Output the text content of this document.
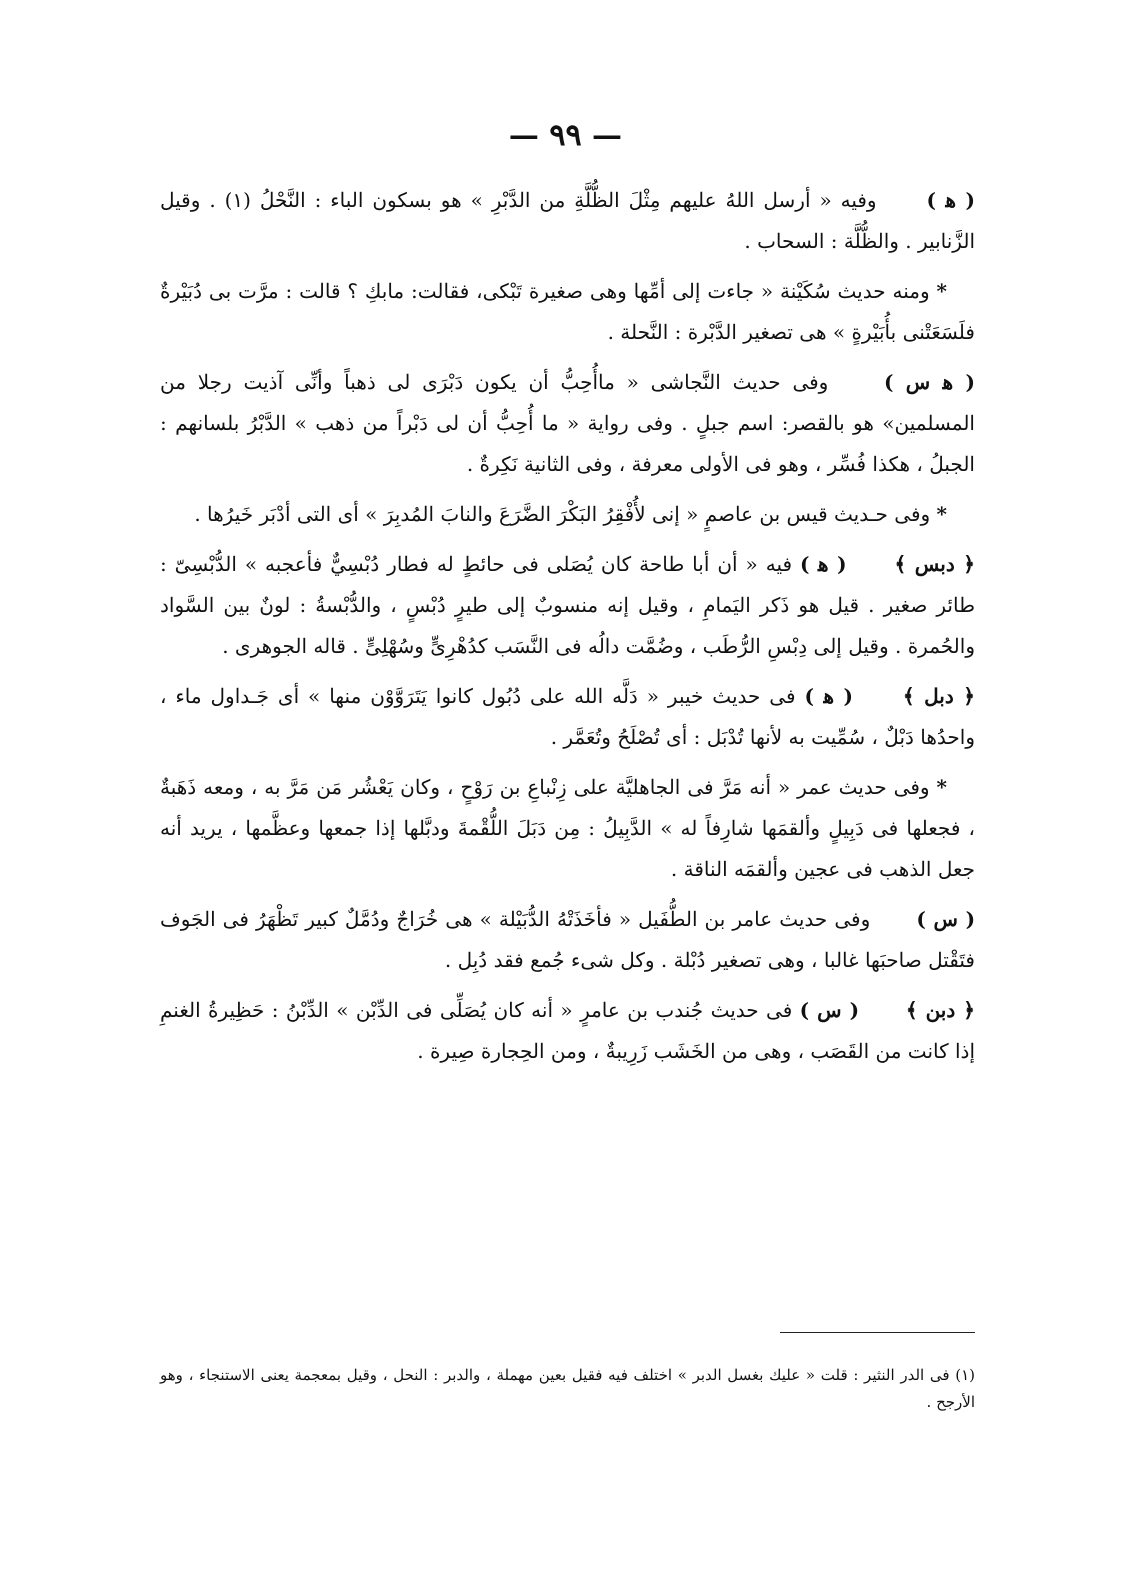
— ٩٩ —

( ﻫ )  وفيه « أرسل اللهُ عليهم مِثْلَ الظُّلَّةِ من الدَّبْرِ » هو بسكون الباء : النَّحْلُ (١) . وقيل الزَّنابير . والظُّلَّة : السحاب .

* ومنه حديث سُكَيْنة « جاءت إلى أمِّها وهى صغيرة تَبْكى، فقالت: مابكِ ؟ قالت : مرَّت بى دُبَيْرةٌ فلَسَعَتْنى بأُبَيْرةٍ » هى تصغير الدَّبْرة : النَّحلة .

( ﻫ س )  وفى حديث النَّجاشى « ماأُحِبُّ أن يكون دَبْرَى لى ذهباً وأنِّى آذيت رجلا من المسلمين» هو بالقصر: اسم جبلٍ . وفى رواية « ما أُحِبُّ أن لى دَبْراً من ذهب » الدَّبْرُ بلسانهم : الجبلُ ، هكذا فُسِّر ، وهو فى الأولى معرفة ، وفى الثانية نَكِرةٌ .

* وفى حـديث قيس بن عاصمٍ « إنى لأُفْقِرُ البَكْرَ الضَّرَعَ والنابَ المُدبِرَ » أى التى أدْبَر خَيرُها .

﴿ دبس ﴾  ( ﻫ ) فيه « أن أبا طاحة كان يُصَلى فى حائطٍ له فطار دُبْسِيٌّ فأعجبه » الدُّبْسِىّ : طائر صغير . قيل هو ذَكر اليَمامِ ، وقيل إنه منسوبٌ إلى طيرٍ دُبْسٍ ، والدُّبْسةُ : لونٌ بين السَّواد والحُمرة . وقيل إلى دِبْسِ الرُّطَب ، وضُمَّت دالُه فى النَّسَب كدُهْرِىٍّ وسُهْلِىٍّ . قاله الجوهرى .

﴿ دبل ﴾  ( ﻫ ) فى حديث خيبر « دَلَّه الله على دُبُول كانوا يَتَرَوَّوْن منها » أى جَـداول ماء ، واحدُها دَبْلٌ ، سُمِّيت به لأنها تُدْبَل : أى تُصْلَحُ وتُعَمَّر .

* وفى حديث عمر « أنه مَرَّ فى الجاهليَّة على زِنْباعِ بن رَوْحٍ ، وكان يَعْشُر مَن مَرَّ به ، ومعه ذَهَبةٌ ، فجعلها فى دَبِيلٍ وألقمَها شارِفاً له » الدَّبِيلُ : مِن دَبَلَ اللُّقْمةَ ودبَّلها إذا جمعها وعظَّمها ، يريد أنه جعل الذهب فى عجين وألقمَه الناقة .

( س )  وفى حديث عامر بن الطُّفَيل « فأخَذَتْهُ الدُّبَيْلة » هى خُرَاجٌ ودُمَّلٌ كبير تَظْهَرُ فى الجَوف فتَقْتل صاحبَها غالبا ، وهى تصغير دُبْلة . وكل شىء جُمع فقد دُبِل .

﴿ دبن ﴾  ( س ) فى حديث جُندب بن عامرٍ « أنه كان يُصَلِّى فى الدِّبْن » الدِّبْنُ : حَظِيرةُ الغنمِ إذا كانت من القَصَب ، وهى من الخَشَب زَرِيبةٌ ، ومن الحِجارة صِيرة .

(١) فى الدر النثير : قلت « عليك بغسل الدبر » اختلف فيه فقيل بعين مهملة ، والدبر : النحل ، وقيل بمعجمة يعنى الاستنجاء ، وهو الأرجح .
